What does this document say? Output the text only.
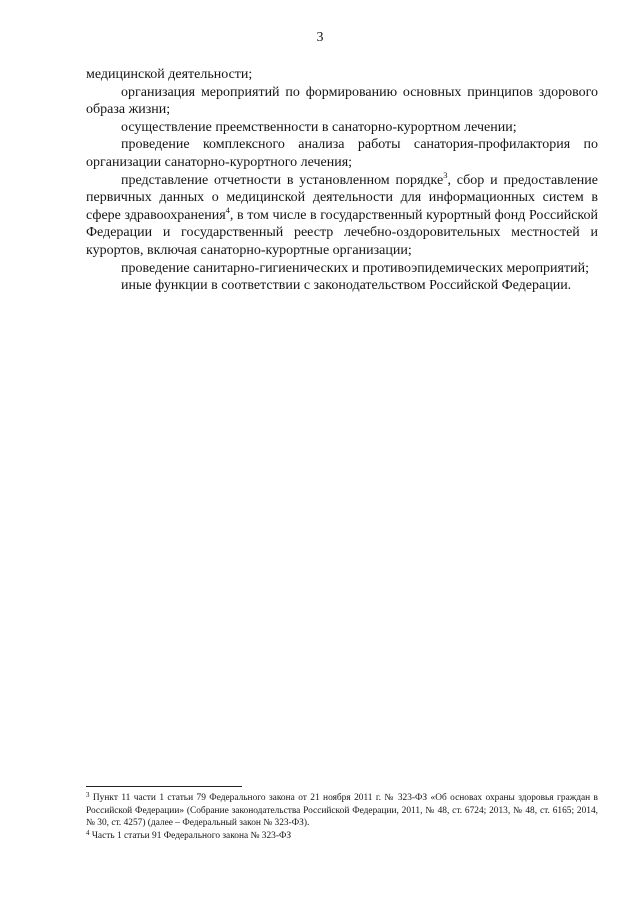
3

медицинской деятельности;

организация мероприятий по формированию основных принципов здорового образа жизни;

осуществление преемственности в санаторно-курортном лечении;

проведение комплексного анализа работы санатория-профилактория по организации санаторно-курортного лечения;

представление отчетности в установленном порядке$^3$, сбор и предоставление первичных данных о медицинской деятельности для информационных систем в сфере здравоохранения$^4$, в том числе в государственный курортный фонд Российской Федерации и государственный реестр лечебно-оздоровительных местностей и курортов, включая санаторно-курортные организации;

проведение санитарно-гигиенических и противоэпидемических мероприятий;

иные функции в соответствии с законодательством Российской Федерации.

$^3$ Пункт 11 части 1 статьи 79 Федерального закона от 21 ноября 2011 г. № 323-ФЗ «Об основах охраны здоровья граждан в Российской Федерации» (Собрание законодательства Российской Федерации, 2011, № 48, ст. 6724; 2013, № 48, ст. 6165; 2014, № 30, ст. 4257) (далее – Федеральный закон № 323-ФЗ).

$^4$ Часть 1 статьи 91 Федерального закона № 323-ФЗ
